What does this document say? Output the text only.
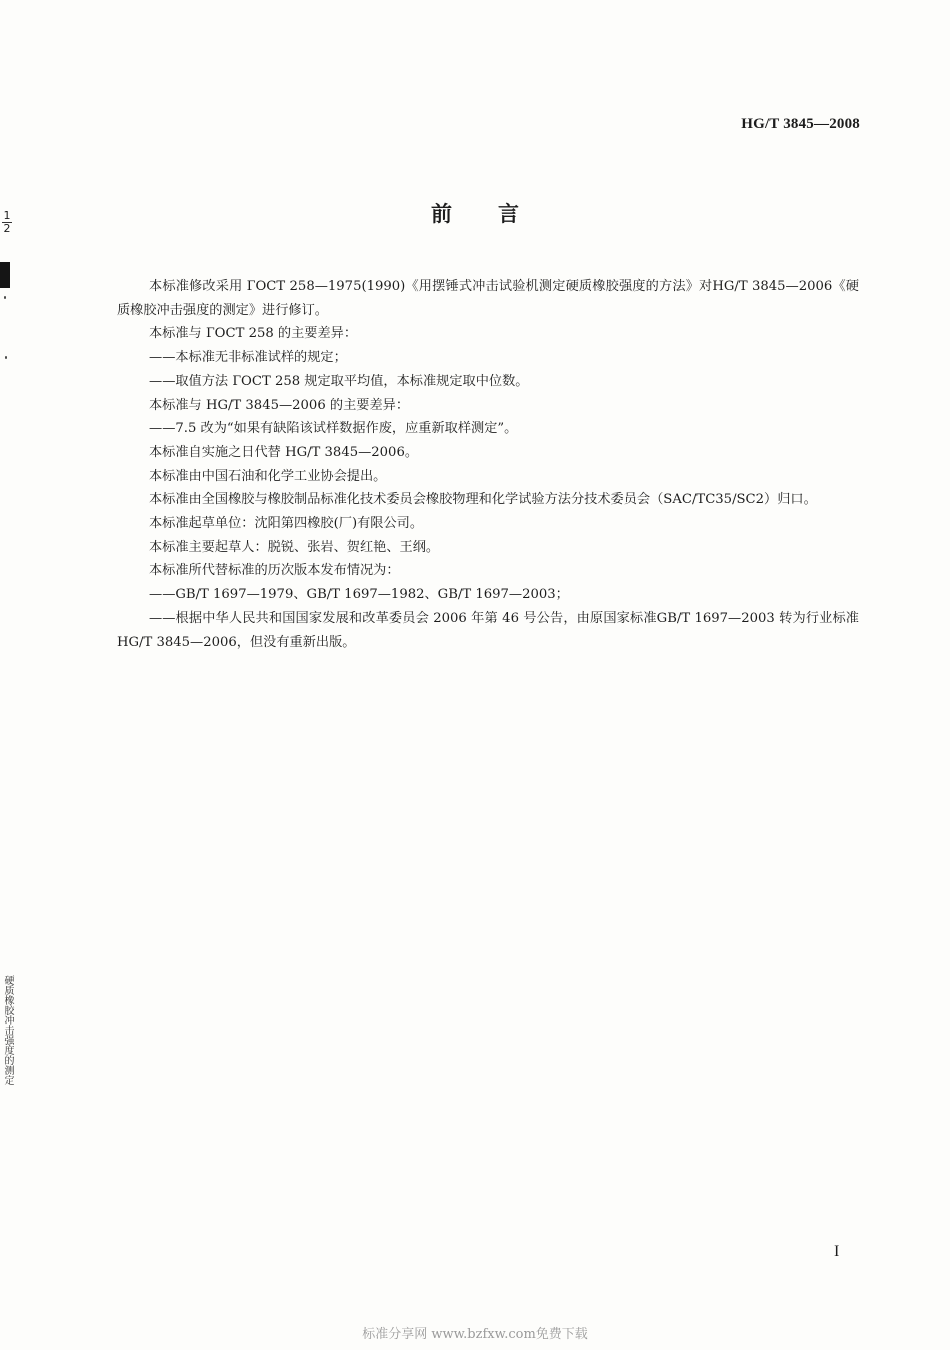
HG/T 3845—2008
前言

本标准修改采用 ГОСТ 258—1975(1990)《用摆锤式冲击试验机测定硬质橡胶强度的方法》对HG/T 3845—2006《硬质橡胶冲击强度的测定》进行修订。

本标准与 ГОСТ 258 的主要差异：

——本标准无非标准试样的规定；

——取值方法 ГОСТ 258 规定取平均值，本标准规定取中位数。

本标准与 HG/T 3845—2006 的主要差异：

——7.5 改为“如果有缺陷该试样数据作废，应重新取样测定”。

本标准自实施之日代替 HG/T 3845—2006。

本标准由中国石油和化学工业协会提出。

本标准由全国橡胶与橡胶制品标准化技术委员会橡胶物理和化学试验方法分技术委员会（SAC/TC35/SC2）归口。

本标准起草单位：沈阳第四橡胶(厂)有限公司。

本标准主要起草人：脱锐、张岩、贺红艳、王纲。

本标准所代替标准的历次版本发布情况为：

——GB/T 1697—1979、GB/T 1697—1982、GB/T 1697—2003；

——根据中华人民共和国国家发展和改革委员会 2006 年第 46 号公告，由原国家标准GB/T 1697—2003 转为行业标准 HG/T 3845—2006，但没有重新出版。

$\frac{1}{2}$
硬质橡胶冲击强度的测定
I
标准分享网 www.bzfxw.com免费下载
